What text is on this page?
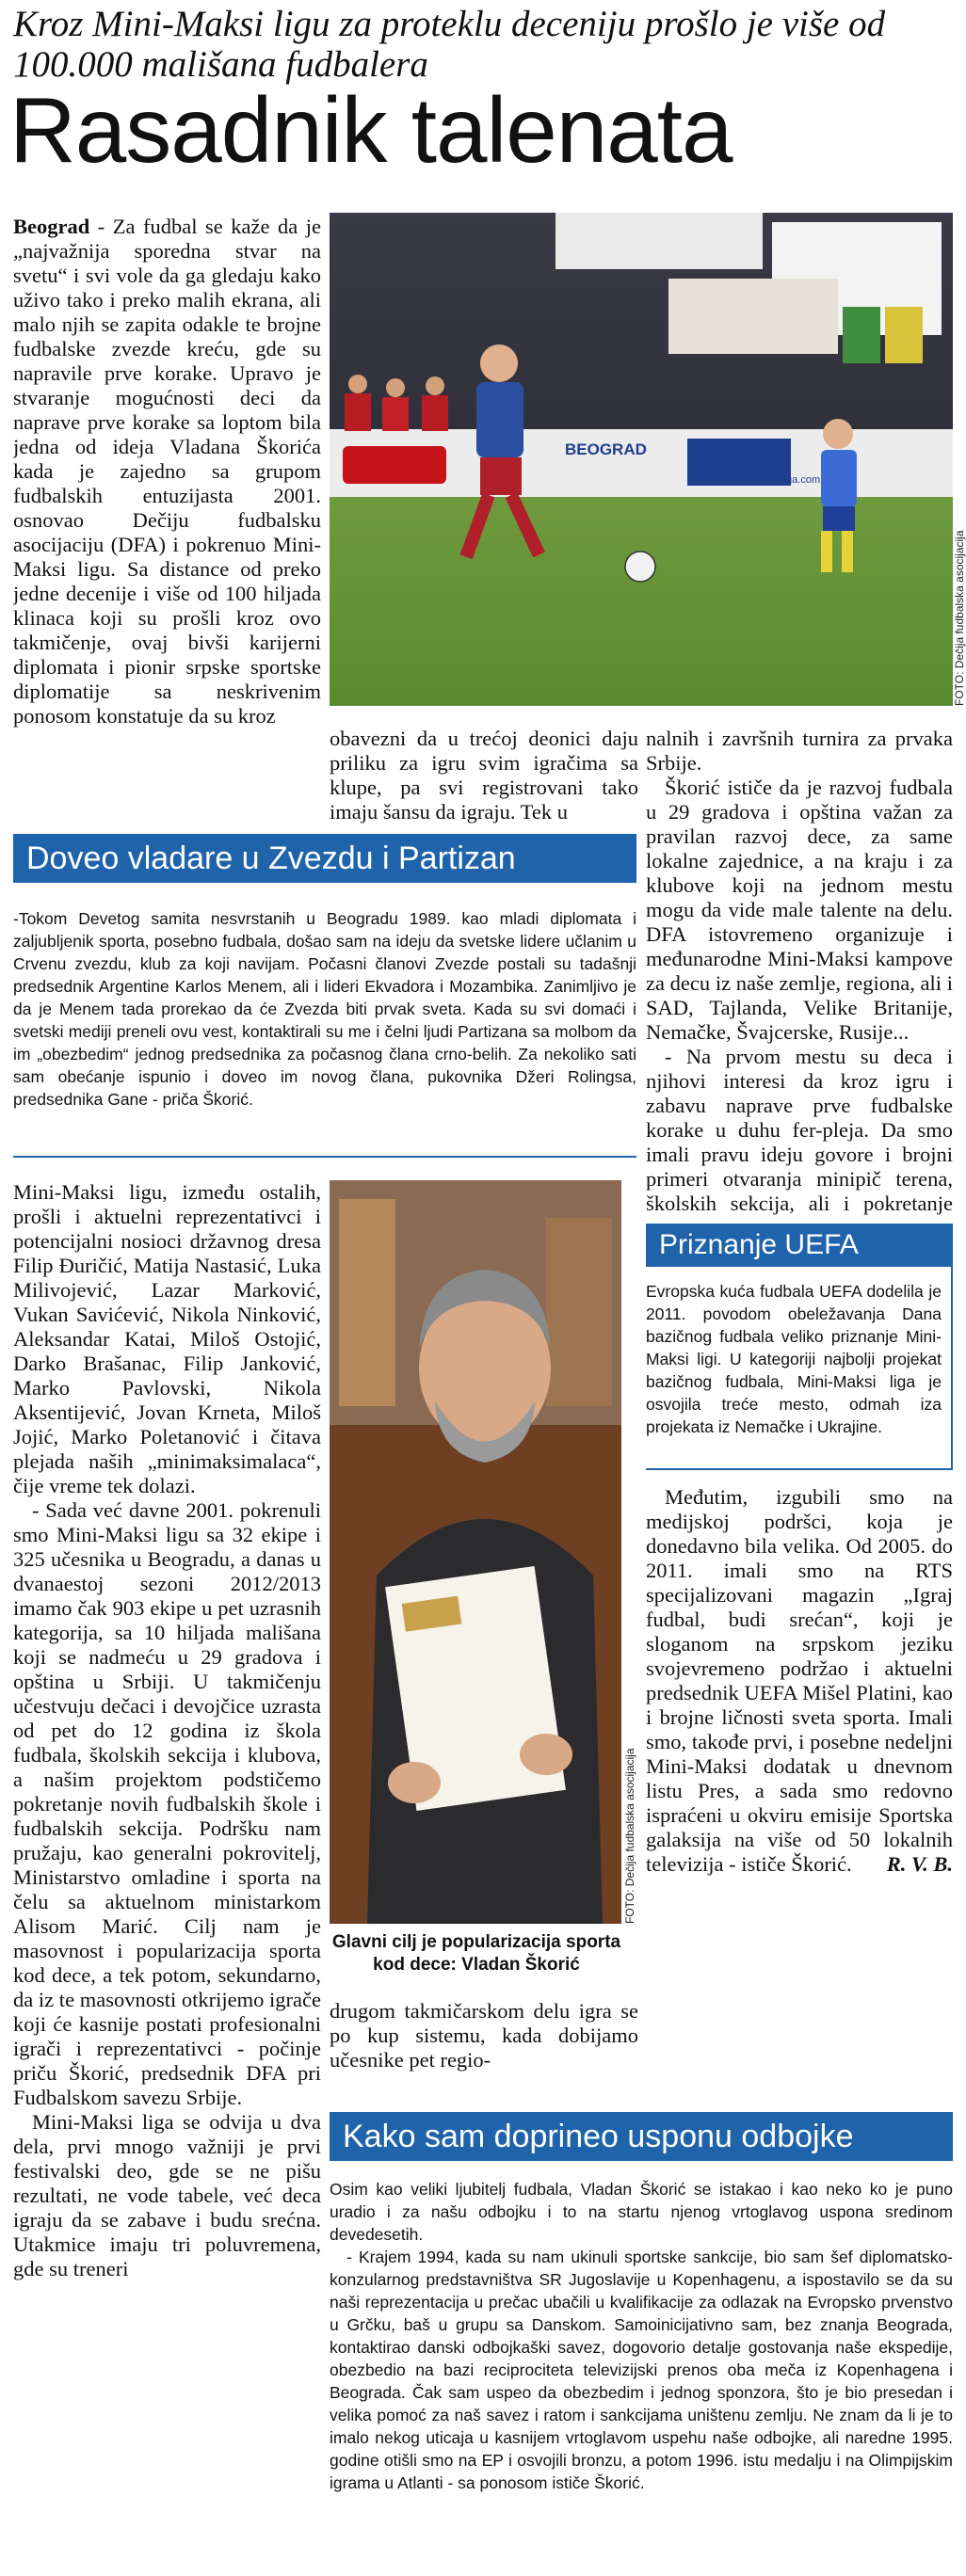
Kroz Mini-Maksi ligu za proteklu deceniju prošlo je više od 100.000 mališana fudbalera
Rasadnik talenata

Beograd - Za fudbal se kaže da je „najvažnija sporedna stvar na svetu“ i svi vole da ga gledaju kako uživo tako i preko malih ekrana, ali malo njih se zapita odakle te brojne fudbalske zvezde kreću, gde su napravile prve korake. Upravo je stvaranje mogućnosti deci da naprave prve korake sa loptom bila jedna od ideja Vladana Škorića kada je zajedno sa grupom fudbalskih entuzijasta 2001. osnovao Dečiju fudbalsku asocijaciju (DFA) i pokrenuo Mini-Maksi ligu. Sa distance od preko jedne decenije i više od 100 hiljada klinaca koji su prošli kroz ovo takmičenje, ovaj bivši karijerni diplomata i pionir srpske sportske diplomatije sa neskrivenim ponosom konstatuje da su kroz

BEOGRAD
www.minimaksiliga.com
FOTO: Dečija fudbalska asocijacija

obavezni da u trećoj deonici daju priliku za igru svim igračima sa klupe, pa svi registrovani tako imaju šansu da igraju. Tek u

Doveo vladare u Zvezdu i Partizan

-Tokom Devetog samita nesvrstanih u Beogradu 1989. kao mladi diplomata i zaljubljenik sporta, posebno fudbala, došao sam na ideju da svetske lidere učlanim u Crvenu zvezdu, klub za koji navijam. Počasni članovi Zvezde postali su tadašnji predsednik Argentine Karlos Menem, ali i lideri Ekvadora i Mozambika. Zanimljivo je da je Menem tada prorekao da će Zvezda biti prvak sveta. Kada su svi domaći i svetski mediji preneli ovu vest, kontaktirali su me i čelni ljudi Partizana sa molbom da im „obezbedim“ jednog predsednika za počasnog člana crno-belih. Za nekoliko sati sam obećanje ispunio i doveo im novog člana, pukovnika Džeri Rolingsa, predsednika Gane - priča Škorić.

nalnih i završnih turnira za prvaka Srbije.

Škorić ističe da je razvoj fudbala u 29 gradova i opština važan za pravilan razvoj dece, za same lokalne zajednice, a na kraju i za klubove koji na jednom mestu mogu da vide male talente na delu. DFA istovremeno organizuje i međunarodne Mini-Maksi kampove za decu iz naše zemlje, regiona, ali i SAD, Tajlanda, Velike Britanije, Nemačke, Švajcerske, Rusije...

- Na prvom mestu su deca i njihovi interesi da kroz igru i zabavu naprave prve fudbalske korake u duhu fer-pleja. Da smo imali pravu ideju govore i brojni primeri otvaranja minipič terena, školskih sekcija, ali i pokretanje

Priznanje UEFA

Evropska kuća fudbala UEFA dodelila je 2011. povodom obeležavanja Dana bazičnog fudbala veliko priznanje Mini-Maksi ligi. U kategoriji najbolji projekat bazičnog fudbala, Mini-Maksi liga je osvojila treće mesto, odmah iza projekata iz Nemačke i Ukrajine.

Mini-Maksi ligu, između ostalih, prošli i aktuelni reprezentativci i potencijalni nosioci državnog dresa Filip Đuričić, Matija Nastasić, Luka Milivojević, Lazar Marković, Vukan Savićević, Nikola Ninković, Aleksandar Katai, Miloš Ostojić, Darko Brašanac, Filip Janković, Marko Pavlovski, Nikola Aksentijević, Jovan Krneta, Miloš Jojić, Marko Poletanović i čitava plejada naših „minimaksimalaca“, čije vreme tek dolazi.

- Sada već davne 2001. pokrenuli smo Mini-Maksi ligu sa 32 ekipe i 325 učesnika u Beogradu, a danas u dvanaestoj sezoni 2012/2013 imamo čak 903 ekipe u pet uzrasnih kategorija, sa 10 hiljada mališana koji se nadmeću u 29 gradova i opština u Srbiji. U takmičenju učestvuju dečaci i devojčice uzrasta od pet do 12 godina iz škola fudbala, školskih sekcija i klubova, a našim projektom podstičemo pokretanje novih fudbalskih škole i fudbalskih sekcija. Podršku nam pružaju, kao generalni pokrovitelj, Ministarstvo omladine i sporta na čelu sa aktuelnom ministarkom Alisom Marić. Cilj nam je masovnost i popularizacija sporta kod dece, a tek potom, sekundarno, da iz te masovnosti otkrijemo igrače koji će kasnije postati profesionalni igrači i reprezentativci - počinje priču Škorić, predsednik DFA pri Fudbalskom savezu Srbije.

Mini-Maksi liga se odvija u dva dela, prvi mnogo važniji je prvi festivalski deo, gde se ne pišu rezultati, ne vode tabele, već deca igraju da se zabave i budu srećna. Utakmice imaju tri poluvremena, gde su treneri

FOTO: Dečija fudbalska asocijacija
Glavni cilj je popularizacija sporta kod dece: Vladan Škorić

drugom takmičarskom delu igra se po kup sistemu, kada dobijamo učesnike pet regio-

Međutim, izgubili smo na medijskoj podršci, koja je donedavno bila velika. Od 2005. do 2011. imali smo na RTS specijalizovani magazin „Igraj fudbal, budi srećan“, koji je sloganom na srpskom jeziku svojevremeno podržao i aktuelni predsednik UEFA Mišel Platini, kao i brojne ličnosti sveta sporta. Imali smo, takođe prvi, i posebne nedeljni Mini-Maksi dodatak u dnevnom listu Pres, a sada smo redovno ispraćeni u okviru emisije Sportska galaksija na više od 50 lokalnih televizija - ističe Škorić.	R. V. B.

Kako sam doprineo usponu odbojke

Osim kao veliki ljubitelj fudbala, Vladan Škorić se istakao i kao neko ko je puno uradio i za našu odbojku i to na startu njenog vrtoglavog uspona sredinom devedesetih.

- Krajem 1994, kada su nam ukinuli sportske sankcije, bio sam šef diplomatsko-konzularnog predstavništva SR Jugoslavije u Kopenhagenu, a ispostavilo se da su naši reprezentacija u prečac ubačili u kvalifikacije za odlazak na Evropsko prvenstvo u Grčku, baš u grupu sa Danskom. Samoinicijativno sam, bez znanja Beograda, kontaktirao danski odbojkaški savez, dogovorio detalje gostovanja naše ekspedije, obezbedio na bazi reciprociteta televizijski prenos oba meča iz Kopenhagena i Beograda. Čak sam uspeo da obezbedim i jednog sponzora, što je bio presedan i velika pomoć za naš savez i ratom i sankcijama uništenu zemlju. Ne znam da li je to imalo nekog uticaja u kasnijem vrtoglavom uspehu naše odbojke, ali naredne 1995. godine otišli smo na EP i osvojili bronzu, a potom 1996. istu medalju i na Olimpijskim igrama u Atlanti - sa ponosom ističe Škorić.
